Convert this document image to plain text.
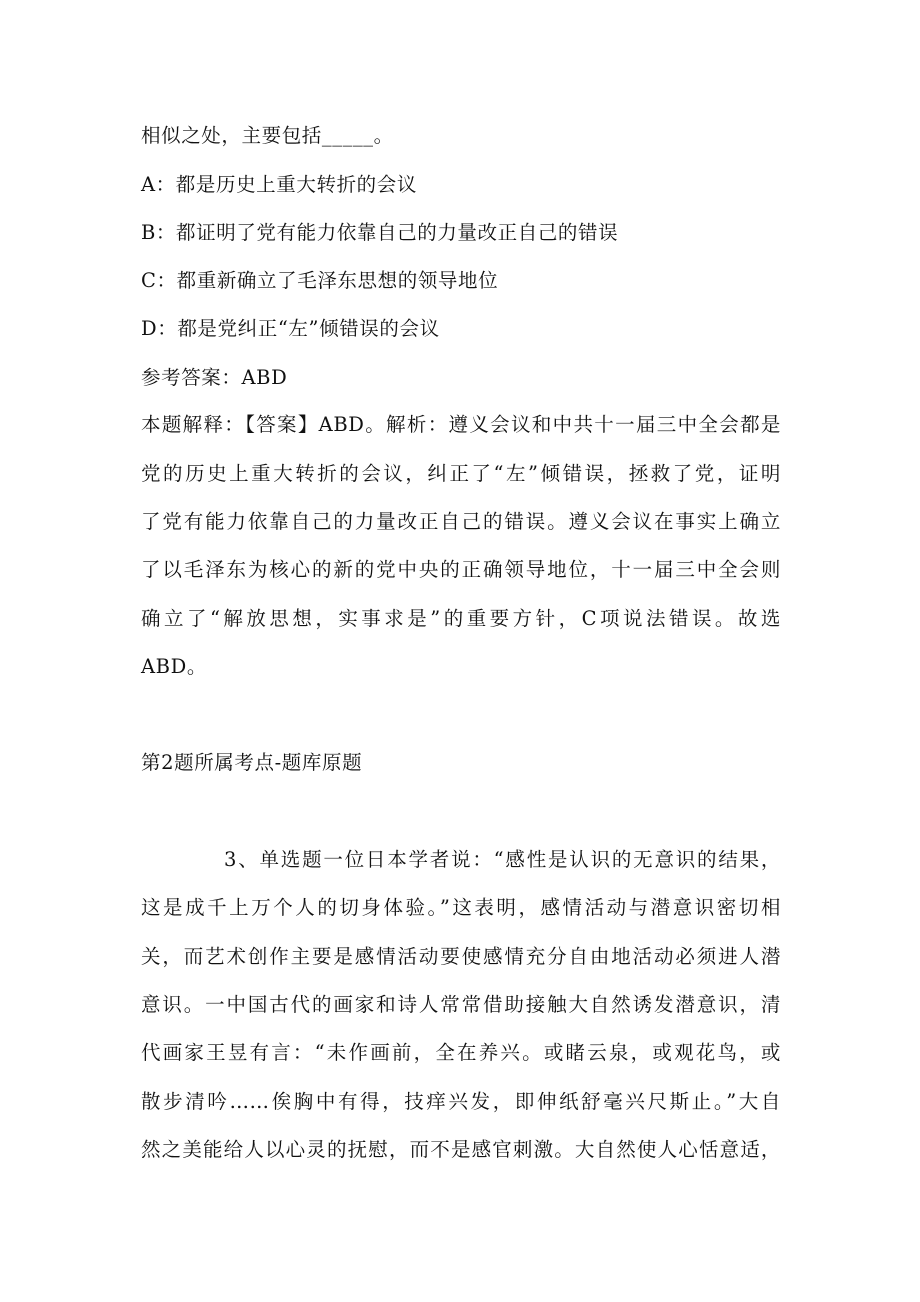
相似之处，主要包括_____。
A：都是历史上重大转折的会议
B：都证明了党有能力依靠自己的力量改正自己的错误
C：都重新确立了毛泽东思想的领导地位
D：都是党纠正“左”倾错误的会议
参考答案：ABD
本题解释：【答案】ABD。解析：遵义会议和中共十一届三中全会都是
党的历史上重大转折的会议，纠正了“左”倾错误，拯救了党，证明
了党有能力依靠自己的力量改正自己的错误。遵义会议在事实上确立
了以毛泽东为核心的新的党中央的正确领导地位，十一届三中全会则
确立了“解放思想，实事求是”的重要方针，C项说法错误。故选
ABD。
第2题所属考点-题库原题
3、单选题一位日本学者说：“感性是认识的无意识的结果，
这是成千上万个人的切身体验。”这表明，感情活动与潜意识密切相
关，而艺术创作主要是感情活动要使感情充分自由地活动必须进人潜
意识。一中国古代的画家和诗人常常借助接触大自然诱发潜意识，清
代画家王昱有言：“未作画前，全在养兴。或睹云泉，或观花鸟，或
散步清吟……俟胸中有得，技痒兴发，即伸纸舒毫兴尺斯止。”大自
然之美能给人以心灵的抚慰，而不是感官刺激。大自然使人心恬意适，
